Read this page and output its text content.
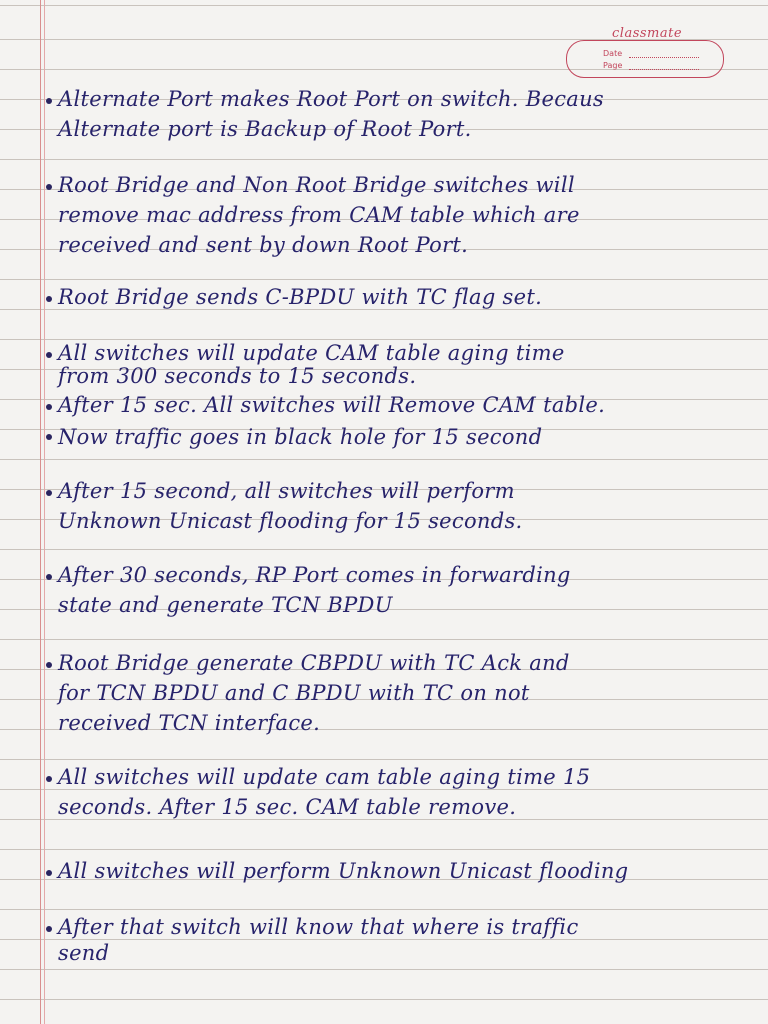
classmate
Date
Page
Alternate Port makes Root Port on switch. Becaus
Alternate port is Backup of Root Port.
Root Bridge and Non Root Bridge switches will
remove mac address from CAM table which are
received and sent by down Root Port.
Root Bridge sends C-BPDU with TC flag set.
All switches will update CAM table aging time
from 300 seconds to 15 seconds.
After 15 sec. All switches will Remove CAM table.
Now traffic goes in black hole for 15 second
After 15 second, all switches will perform
Unknown Unicast flooding for 15 seconds.
After 30 seconds, RP Port comes in forwarding
state and generate TCN BPDU
Root Bridge generate CBPDU with TC Ack and
for TCN BPDU and C BPDU with TC on not
received TCN interface.
All switches will update cam table aging time 15
seconds. After 15 sec. CAM table remove.
All switches will perform Unknown Unicast flooding
After that switch will know that where is traffic
send
